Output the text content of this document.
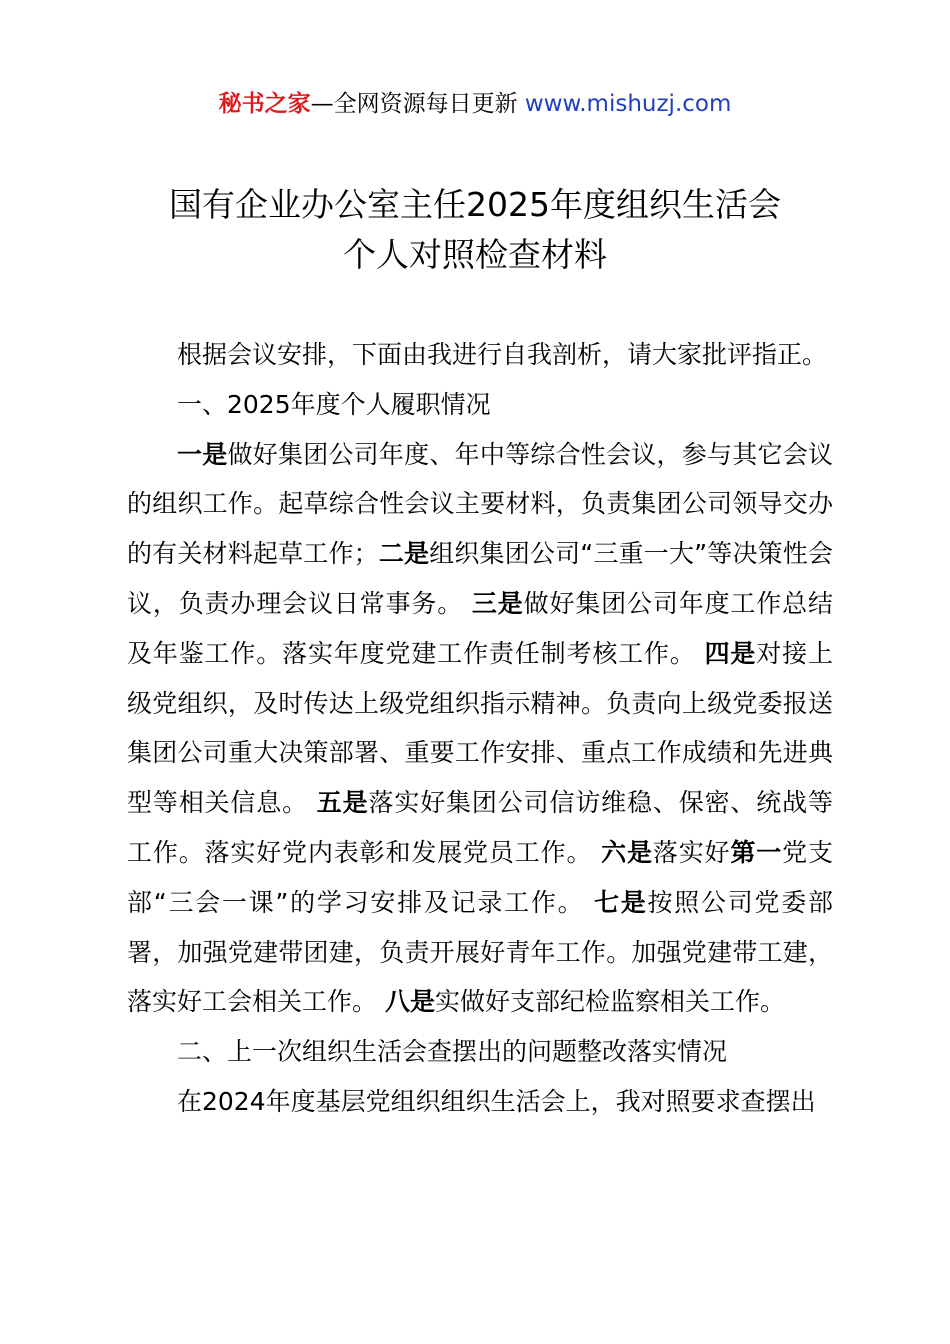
秘书之家—全网资源每日更新 www.mishuzj.com
国有企业办公室主任2025年度组织生活会
个人对照检查材料

根据会议安排，下面由我进行自我剖析，请大家批评指正。

一、2025年度个人履职情况

一是做好集团公司年度、年中等综合性会议，参与其它会议的组织工作。起草综合性会议主要材料，负责集团公司领导交办的有关材料起草工作；二是组织集团公司“三重一大”等决策性会议，负责办理会议日常事务。 三是做好集团公司年度工作总结及年鉴工作。落实年度党建工作责任制考核工作。 四是对接上级党组织，及时传达上级党组织指示精神。负责向上级党委报送集团公司重大决策部署、重要工作安排、重点工作成绩和先进典型等相关信息。 五是落实好集团公司信访维稳、保密、统战等工作。落实好党内表彰和发展党员工作。 六是落实好第一党支部“三会一课”的学习安排及记录工作。 七是按照公司党委部署，加强党建带团建，负责开展好青年工作。加强党建带工建，落实好工会相关工作。 八是实做好支部纪检监察相关工作。

二、上一次组织生活会查摆出的问题整改落实情况

在2024年度基层党组织组织生活会上，我对照要求查摆出
